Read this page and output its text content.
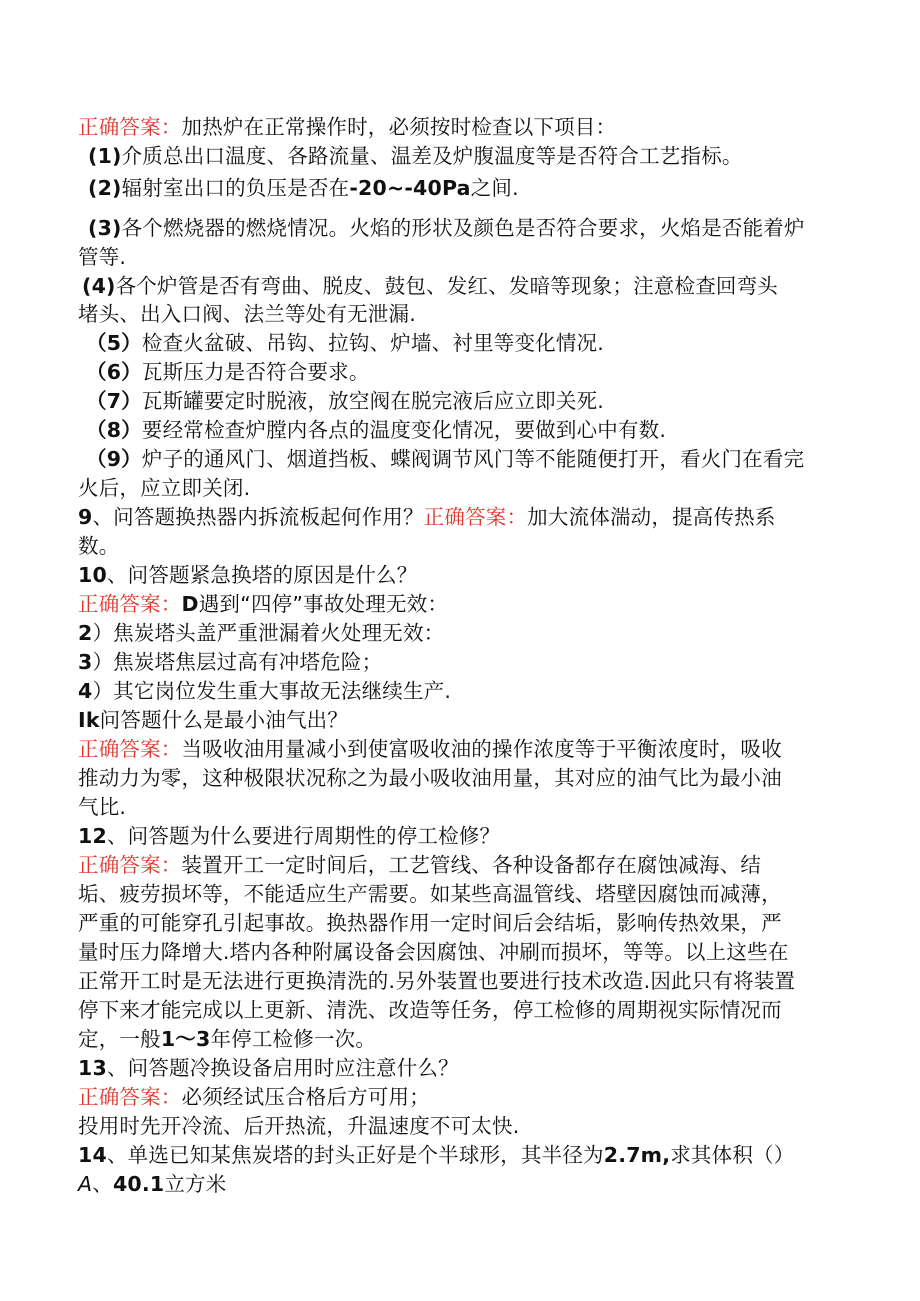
正确答案：加热炉在正常操作时，必须按时检查以下项目：
(1)介质总出口温度、各路流量、温差及炉腹温度等是否符合工艺指标。
(2)辐射室出口的负压是否在-20~-40Pa之间.
(3)各个燃烧器的燃烧情况。火焰的形状及颜色是否符合要求，火焰是否能着炉
管等.
(4)各个炉管是否有弯曲、脱皮、鼓包、发红、发暗等现象；注意检查回弯头
堵头、出入口阀、法兰等处有无泄漏.
（5）检查火盆破、吊钩、拉钩、炉墙、衬里等变化情况.
（6）瓦斯压力是否符合要求。
（7）瓦斯罐要定时脱液，放空阀在脱完液后应立即关死.
（8）要经常检查炉膛内各点的温度变化情况，要做到心中有数.
（9）炉子的通风门、烟道挡板、蝶阀调节风门等不能随便打开，看火门在看完
火后，应立即关闭.
9、问答题换热器内拆流板起何作用？正确答案：加大流体湍动，提高传热系
数。
10、问答题紧急换塔的原因是什么？
正确答案：D遇到“四停”事故处理无效：
2）焦炭塔头盖严重泄漏着火处理无效：
3）焦炭塔焦层过高有冲塔危险；
4）其它岗位发生重大事故无法继续生产.
Ik问答题什么是最小油气出？
正确答案：当吸收油用量减小到使富吸收油的操作浓度等于平衡浓度时，吸收
推动力为零，这种极限状况称之为最小吸收油用量，其对应的油气比为最小油
气比.
12、问答题为什么要进行周期性的停工检修？
正确答案：装置开工一定时间后，工艺管线、各种设备都存在腐蚀减海、结
垢、疲劳损坏等，不能适应生产需要。如某些高温管线、塔壁因腐蚀而减薄，
严重的可能穿孔引起事故。换热器作用一定时间后会结垢，影响传热效果，严
量时压力降增大.塔内各种附属设备会因腐蚀、冲刷而损坏，等等。以上这些在
正常开工时是无法进行更换清洗的.另外装置也要进行技术改造.因此只有将装置
停下来才能完成以上更新、清洗、改造等任务，停工检修的周期视实际情况而
定，一般1～3年停工检修一次。
13、问答题冷换设备启用时应注意什么？
正确答案：必须经试压合格后方可用；
投用时先开冷流、后开热流，升温速度不可太快.
14、单选已知某焦炭塔的封头正好是个半球形，其半径为2.7m,求其体积（）
A、40.1立方米
